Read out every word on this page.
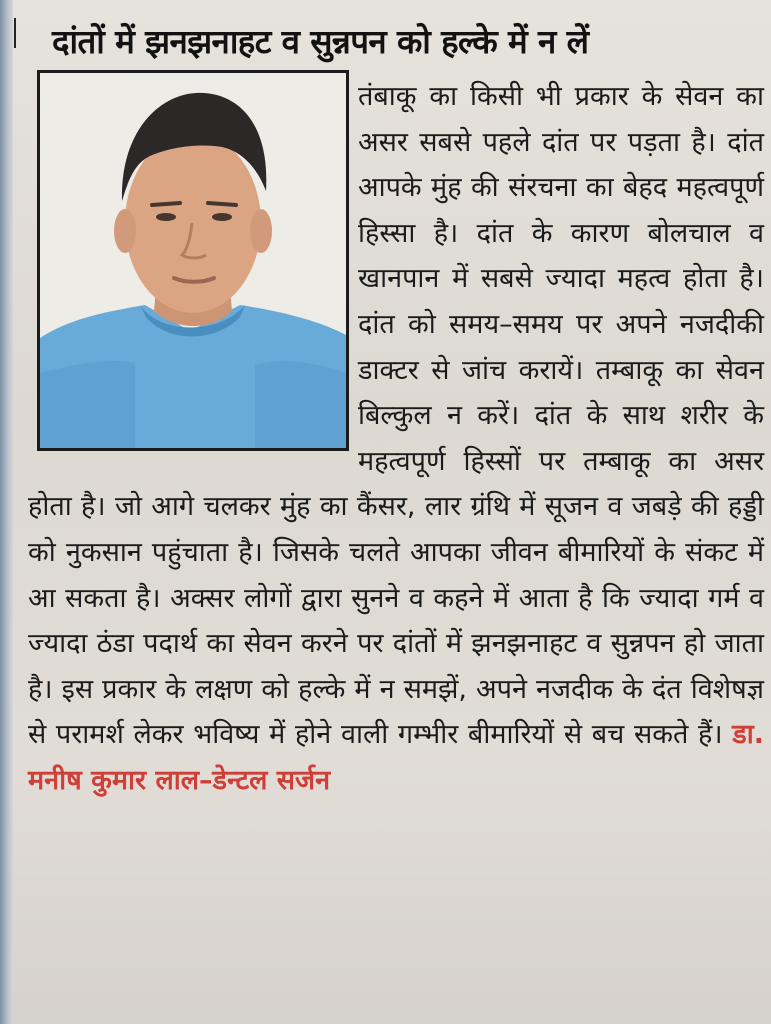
दांतों में झनझनाहट व सुन्नपन को हल्के में न लें

तंबाकू का किसी भी प्रकार के सेवन का असर सबसे पहले दांत पर पड़ता है। दांत आपके मुंह की संरचना का बेहद महत्वपूर्ण हिस्सा है। दांत के कारण बोलचाल व खानपान में सबसे ज्यादा महत्व होता है। दांत को समय–समय पर अपने नजदीकी डाक्टर से जांच करायें। तम्बाकू का सेवन बिल्कुल न करें। दांत के साथ शरीर के महत्वपूर्ण हिस्सों पर तम्बाकू का असर होता है। जो आगे चलकर मुंह का कैंसर, लार ग्रंथि में सूजन व जबड़े की हड्डी को नुकसान पहुंचाता है। जिसके चलते आपका जीवन बीमारियों के संकट में आ सकता है। अक्सर लोगों द्वारा सुनने व कहने में आता है कि ज्यादा गर्म व ज्यादा ठंडा पदार्थ का सेवन करने पर दांतों में झनझनाहट व सुन्नपन हो जाता है। इस प्रकार के लक्षण को हल्के में न समझें, अपने नजदीक के दंत विशेषज्ञ से परामर्श लेकर भविष्य में होने वाली गम्भीर बीमारियों से बच सकते हैं। डा. मनीष कुमार लाल–डेन्टल सर्जन
